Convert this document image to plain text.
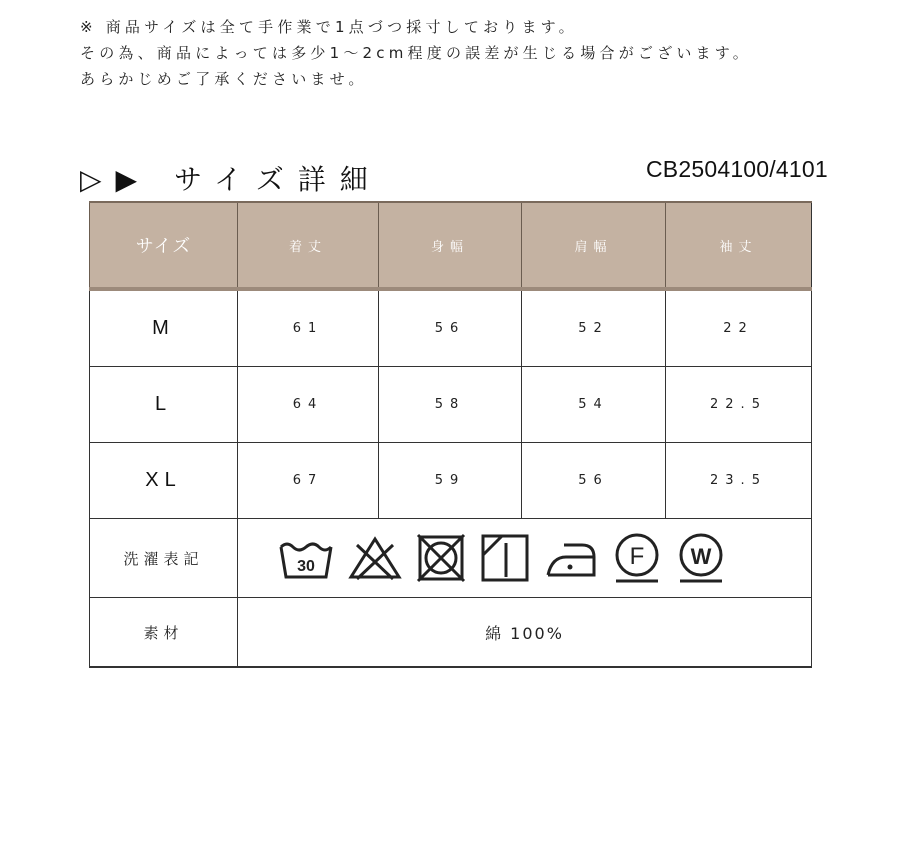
※ 商品サイズは全て手作業で1点づつ採寸しております。
その為、商品によっては多少1～2cm程度の誤差が生じる場合がございます。
あらかじめご了承くださいませ。
▷▶ サイズ詳細	CB2504100/4101
サイズ	着丈	身幅	肩幅	袖丈
M	61	56	52	22
L	64	58	54	22.5
XL	67	59	56	23.5
洗濯表記	30 F W			

素材	綿 100%			
